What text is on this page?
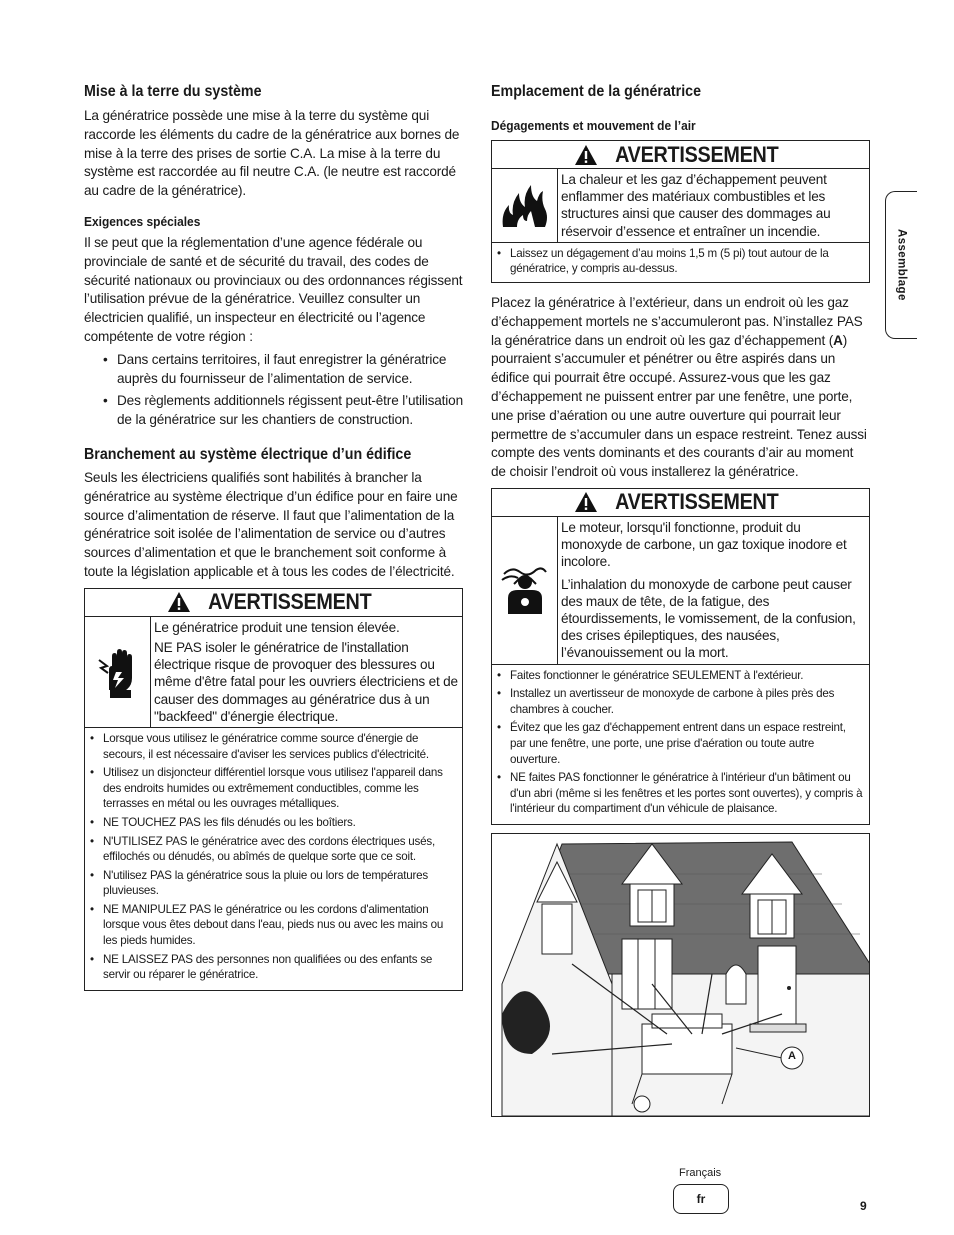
Mise à la terre du système

La génératrice possède une mise à la terre du système qui raccorde les éléments du cadre de la génératrice aux bornes de mise à la terre des prises de sortie C.A. La mise à la terre du système est raccordée au fil neutre C.A. (le neutre est raccordé au cadre de la génératrice).

Exigences spéciales

Il se peut que la réglementation d’une agence fédérale ou provinciale de santé et de sécurité du travail, des codes de sécurité nationaux ou provinciaux ou des ordonnances régissent l’utilisation prévue de la génératrice. Veuillez consulter un électricien qualifié, un inspecteur en électricité ou l’agence compétente de votre région :

• Dans certains territoires, il faut enregistrer la génératrice auprès du fournisseur de l’alimentation de service.
• Des règlements additionnels régissent peut-être l’utilisation de la génératrice sur les chantiers de construction.
Branchement au système électrique d’un édifice

Seuls les électriciens qualifiés sont habilités à brancher la génératrice au système électrique d’un édifice pour en faire une source d’alimentation de réserve. Il faut que l’alimentation de la génératrice soit isolée de l’alimentation de service ou d’autres sources d’alimentation et que le branchement soit conforme à toute la législation applicable et à tous les codes de l’électricité.

AVERTISSEMENT

Le génératrice produit une tension élevée.

NE PAS isoler le génératrice de l'installation électrique risque de provoquer des blessures ou même d'être fatal pour les ouvriers électriciens et de causer des dommages au génératrice dus à un "backfeed" d'énergie électrique.

• Lorsque vous utilisez le génératrice comme source d'énergie de secours, il est nécessaire d'aviser les services publics d'électricité.
• Utilisez un disjoncteur différentiel lorsque vous utilisez l'appareil dans des endroits humides ou extrêmement conductibles, comme les terrasses en métal ou les ouvrages métalliques.
• NE TOUCHEZ PAS les fils dénudés ou les boîtiers.
• N'UTILISEZ PAS le génératrice avec des cordons électriques usés, effilochés ou dénudés, ou abîmés de quelque sorte que ce soit.
• N'utilisez PAS la génératrice sous la pluie ou lors de températures pluvieuses.
• NE MANIPULEZ PAS le génératrice ou les cordons d'alimentation lorsque vous êtes debout dans l'eau, pieds nus ou avec les mains ou les pieds humides.
• NE LAISSEZ PAS des personnes non qualifiées ou des enfants se servir ou réparer le génératrice.
Emplacement de la génératrice
Dégagements et mouvement de l’air
AVERTISSEMENT

La chaleur et les gaz d’échappement peuvent enflammer des matériaux combustibles et les structures ainsi que causer des dommages au réservoir d’essence et entraîner un incendie.

• Laissez un dégagement d’au moins 1,5 m (5 pi) tout autour de la génératrice, y compris au-dessus.

Placez la génératrice à l’extérieur, dans un endroit où les gaz d’échappement mortels ne s’accumuleront pas. N’installez PAS la génératrice dans un endroit où les gaz d’échappement (A) pourraient s’accumuler et pénétrer ou être aspirés dans un édifice qui pourrait être occupé. Assurez-vous que les gaz d’échappement ne puissent entrer par une fenêtre, une porte, une prise d’aération ou une autre ouverture qui pourrait leur permettre de s’accumuler dans un espace restreint. Tenez aussi compte des vents dominants et des courants d’air au moment de choisir l’endroit où vous installerez la génératrice.

AVERTISSEMENT

Le moteur, lorsqu'il fonctionne, produit du monoxyde de carbone, un gaz toxique inodore et incolore.

L’inhalation du monoxyde de carbone peut causer des maux de tête, de la fatigue, des étourdissements, le vomissement, de la confusion, des crises épileptiques, des nausées, l’évanouissement ou la mort.

• Faites fonctionner le génératrice SEULEMENT à l'extérieur.
• Installez un avertisseur de monoxyde de carbone à piles près des chambres à coucher.
• Évitez que les gaz d'échappement entrent dans un espace restreint, par une fenêtre, une porte, une prise d'aération ou toute autre ouverture.
• NE faites PAS fonctionner le génératrice à l'intérieur d'un bâtiment ou d'un abri (même si les fenêtres et les portes sont ouvertes), y compris à l'intérieur du compartiment d'un véhicule de plaisance.
A
Assemblage
Français
fr	9
